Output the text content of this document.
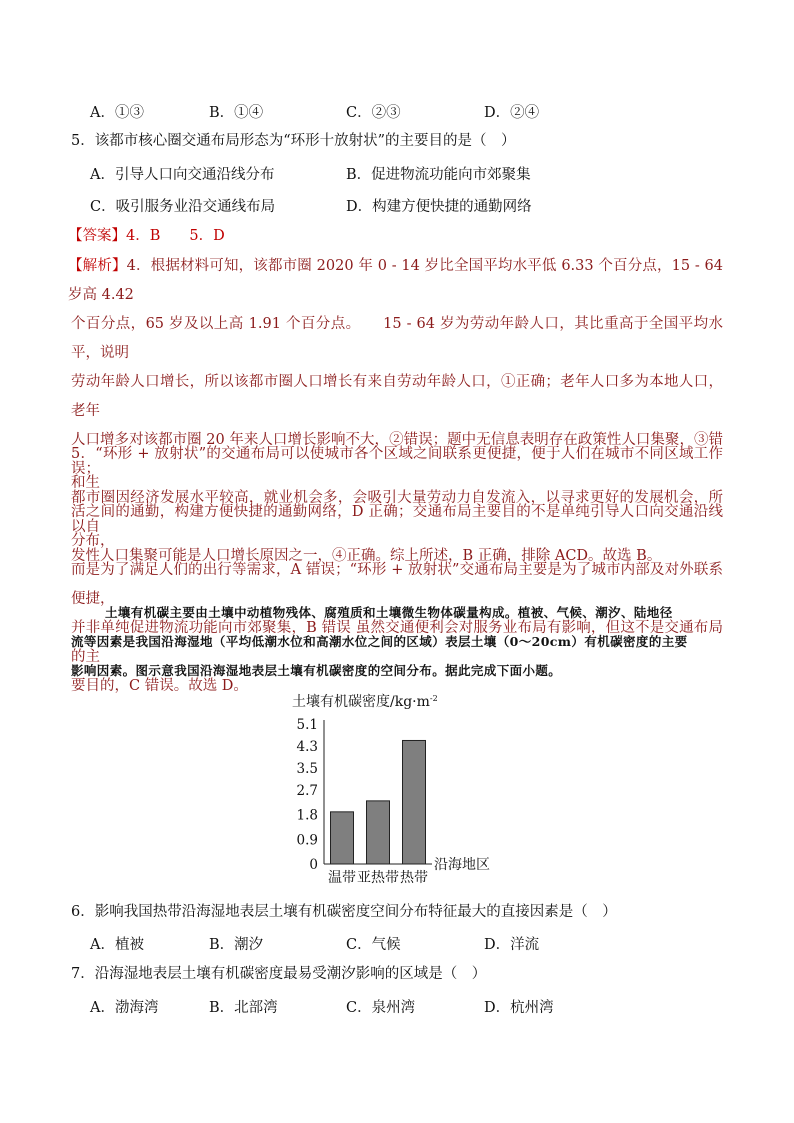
A．①③	B．①④	C．②③	D．②④
5．该都市核心圈交通布局形态为“环形十放射状”的主要目的是（　）
A．引导人口向交通沿线分布	B．促进物流功能向市郊聚集
C．吸引服务业沿交通线布局	D．构建方便快捷的通勤网络
【答案】4．B　　5．D
【解析】4．根据材料可知，该都市圈 2020 年 0 - 14 岁比全国平均水平低 6.33 个百分点，15 - 64 岁高 4.42
个百分点，65 岁及以上高 1.91 个百分点。　　15 - 64 岁为劳动年龄人口，其比重高于全国平均水平，说明
劳动年龄人口增长，所以该都市圈人口增长有来自劳动年龄人口，①正确；老年人口多为本地人口，老年
人口增多对该都市圈 20 年来人口增长影响不大，②错误；题中无信息表明存在政策性人口集聚，③错误；
都市圈因经济发展水平较高，就业机会多，会吸引大量劳动力自发流入，以寻求更好的发展机会，所以自
发性人口集聚可能是人口增长原因之一，④正确。综上所述，B 正确，排除 ACD。故选 B。
5．“环形 + 放射状”的交通布局可以使城市各个区域之间联系更便捷，便于人们在城市不同区域工作和生
活之间的通勤，构建方便快捷的通勤网络，D 正确；交通布局主要目的不是单纯引导人口向交通沿线分布，
而是为了满足人们的出行等需求，A 错误；“环形 + 放射状”交通布局主要是为了城市内部及对外联系便捷，
并非单纯促进物流功能向市郊聚集，B 错误 虽然交通便利会对服务业布局有影响，但这不是交通布局的主
要目的，C 错误。故选 D。
土壤有机碳主要由土壤中动植物残体、腐殖质和土壤微生物体碳量构成。植被、气候、潮汐、陆地径
流等因素是我国沿海湿地（平均低潮水位和高潮水位之间的区域）表层土壤（0～20cm）有机碳密度的主要
影响因素。图示意我国沿海湿地表层土壤有机碳密度的空间分布。据此完成下面小题。
土壤有机碳密度$/kg\cdot m^{-2}$
0
0.9
1.8
2.7
3.5
4.3
5.1
温带 亚热带 热带
沿海地区
6．影响我国热带沿海湿地表层土壤有机碳密度空间分布特征最大的直接因素是（　）
A．植被	B．潮汐	C．气候	D．洋流
7．沿海湿地表层土壤有机碳密度最易受潮汐影响的区域是（　）
A．渤海湾	B．北部湾	C．泉州湾	D．杭州湾
